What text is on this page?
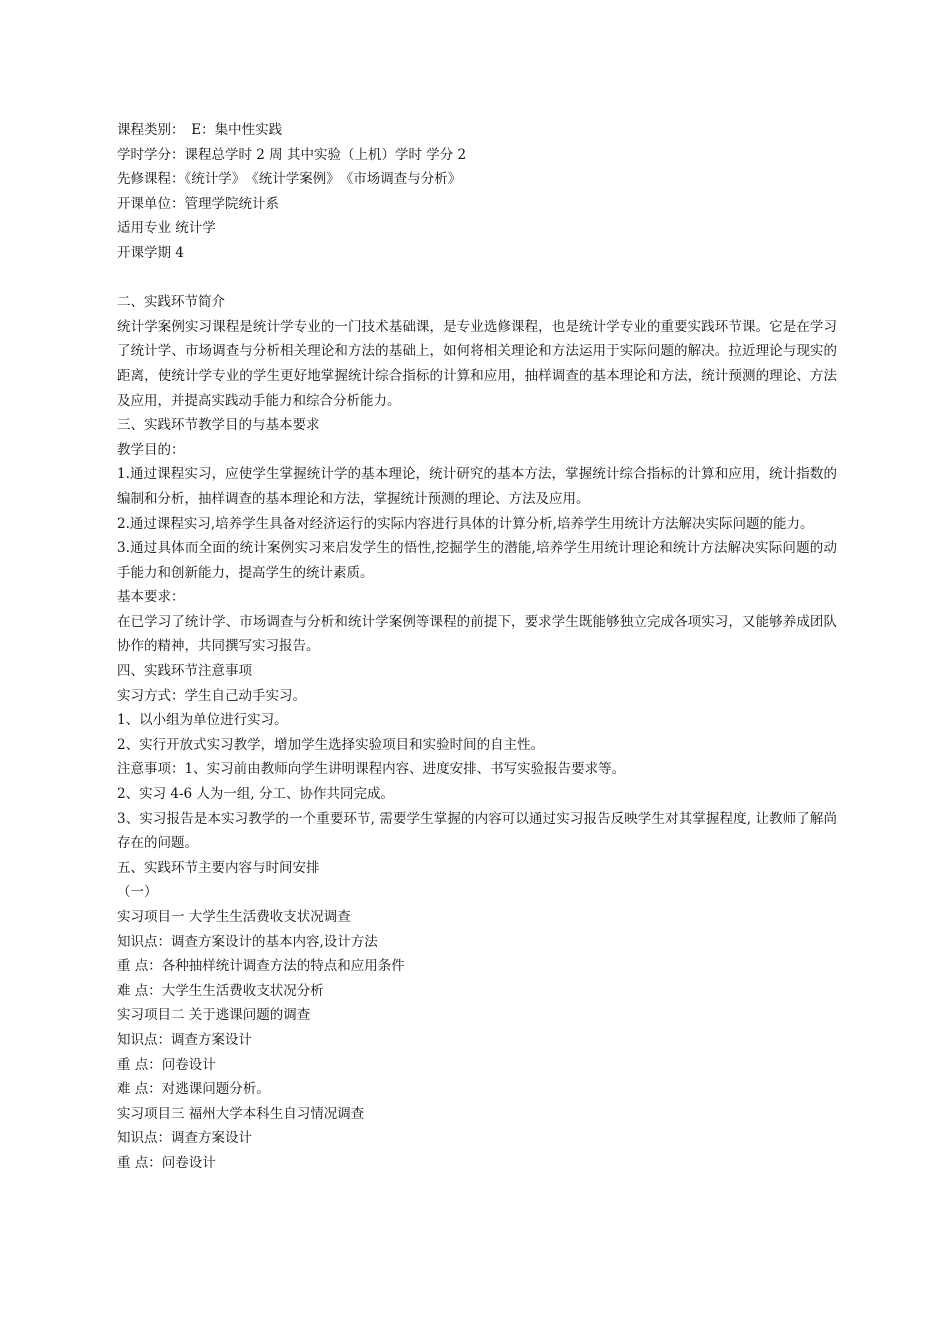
课程类别：　E：集中性实践
学时学分：课程总学时 2 周 其中实验（上机）学时 学分 2
先修课程：《统计学》　《统计学案例》　《市场调查与分析》
开课单位：管理学院统计系
适用专业 统计学
开课学期 4
二、实践环节简介
统计学案例实习课程是统计学专业的一门技术基础课，是专业选修课程，也是统计学专业的重要实践环节课。它是在学习了统计学、市场调查与分析相关理论和方法的基础上，如何将相关理论和方法运用于实际问题的解决。拉近理论与现实的距离，使统计学专业的学生更好地掌握统计综合指标的计算和应用，抽样调查的基本理论和方法，统计预测的理论、方法及应用，并提高实践动手能力和综合分析能力。
三、实践环节教学目的与基本要求
教学目的：
1.通过课程实习，应使学生掌握统计学的基本理论，统计研究的基本方法，掌握统计综合指标的计算和应用，统计指数的编制和分析，抽样调查的基本理论和方法，掌握统计预测的理论、方法及应用。
2.通过课程实习,培养学生具备对经济运行的实际内容进行具体的计算分析,培养学生用统计方法解决实际问题的能力。
3.通过具体而全面的统计案例实习来启发学生的悟性,挖掘学生的潜能,培养学生用统计理论和统计方法解决实际问题的动手能力和创新能力，提高学生的统计素质。
基本要求：
在已学习了统计学、市场调查与分析和统计学案例等课程的前提下，要求学生既能够独立完成各项实习，又能够养成团队协作的精神，共同撰写实习报告。
四、实践环节注意事项
实习方式：学生自己动手实习。
1、以小组为单位进行实习。
2、实行开放式实习教学，增加学生选择实验项目和实验时间的自主性。
注意事项：1、实习前由教师向学生讲明课程内容、进度安排、书写实验报告要求等。
2、实习 4-6 人为一组, 分工、协作共同完成。
3、实习报告是本实习教学的一个重要环节, 需要学生掌握的内容可以通过实习报告反映学生对其掌握程度, 让教师了解尚存在的问题。
五、实践环节主要内容与时间安排
（一）
实习项目一 大学生生活费收支状况调查
知识点：调查方案设计的基本内容,设计方法
重 点：各种抽样统计调查方法的特点和应用条件
难 点：大学生生活费收支状况分析
实习项目二 关于逃课问题的调查
知识点：调查方案设计
重 点：问卷设计
难 点：对逃课问题分析。
实习项目三 福州大学本科生自习情况调查
知识点：调查方案设计
重 点：问卷设计
